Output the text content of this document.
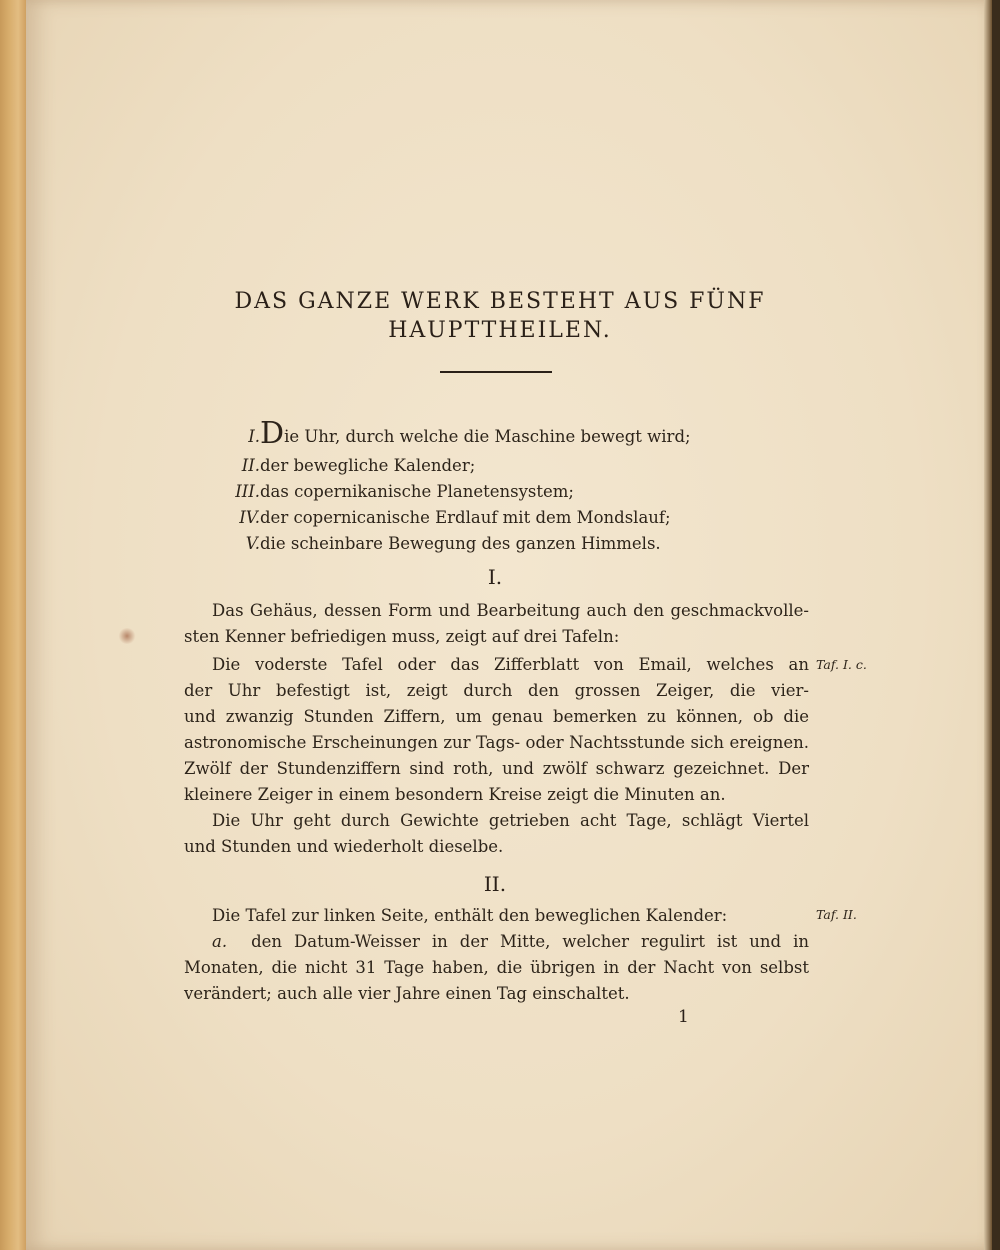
DAS GANZE WERK BESTEHT AUS FÜNF
HAUPTTHEILEN.
I. Die Uhr, durch welche die Maschine bewegt wird;
II. der bewegliche Kalender;
III. das copernikanische Planetensystem;
IV. der copernicanische Erdlauf mit dem Mondslauf;
V. die scheinbare Bewegung des ganzen Himmels.
I.
Das Gehäus, dessen Form und Bearbeitung auch den geschmackvolle-
sten Kenner befriedigen muss, zeigt auf drei Tafeln:
Die voderste Tafel oder das Zifferblatt von Email, welches an
der Uhr befestigt ist, zeigt durch den grossen Zeiger, die vier-
und zwanzig Stunden Ziffern, um genau bemerken zu können, ob die
astronomische Erscheinungen zur Tags- oder Nachtsstunde sich ereignen.
Zwölf der Stundenziffern sind roth, und zwölf schwarz gezeichnet. Der
kleinere Zeiger in einem besondern Kreise zeigt die Minuten an.
Taf. I. c.
Die Uhr geht durch Gewichte getrieben acht Tage, schlägt Viertel
und Stunden und wiederholt dieselbe.
II.
Die Tafel zur linken Seite, enthält den beweglichen Kalender:	Taf. II.
a. den Datum-Weisser in der Mitte, welcher regulirt ist und in
Monaten, die nicht 31 Tage haben, die übrigen in der Nacht von selbst
verändert; auch alle vier Jahre einen Tag einschaltet.
1
